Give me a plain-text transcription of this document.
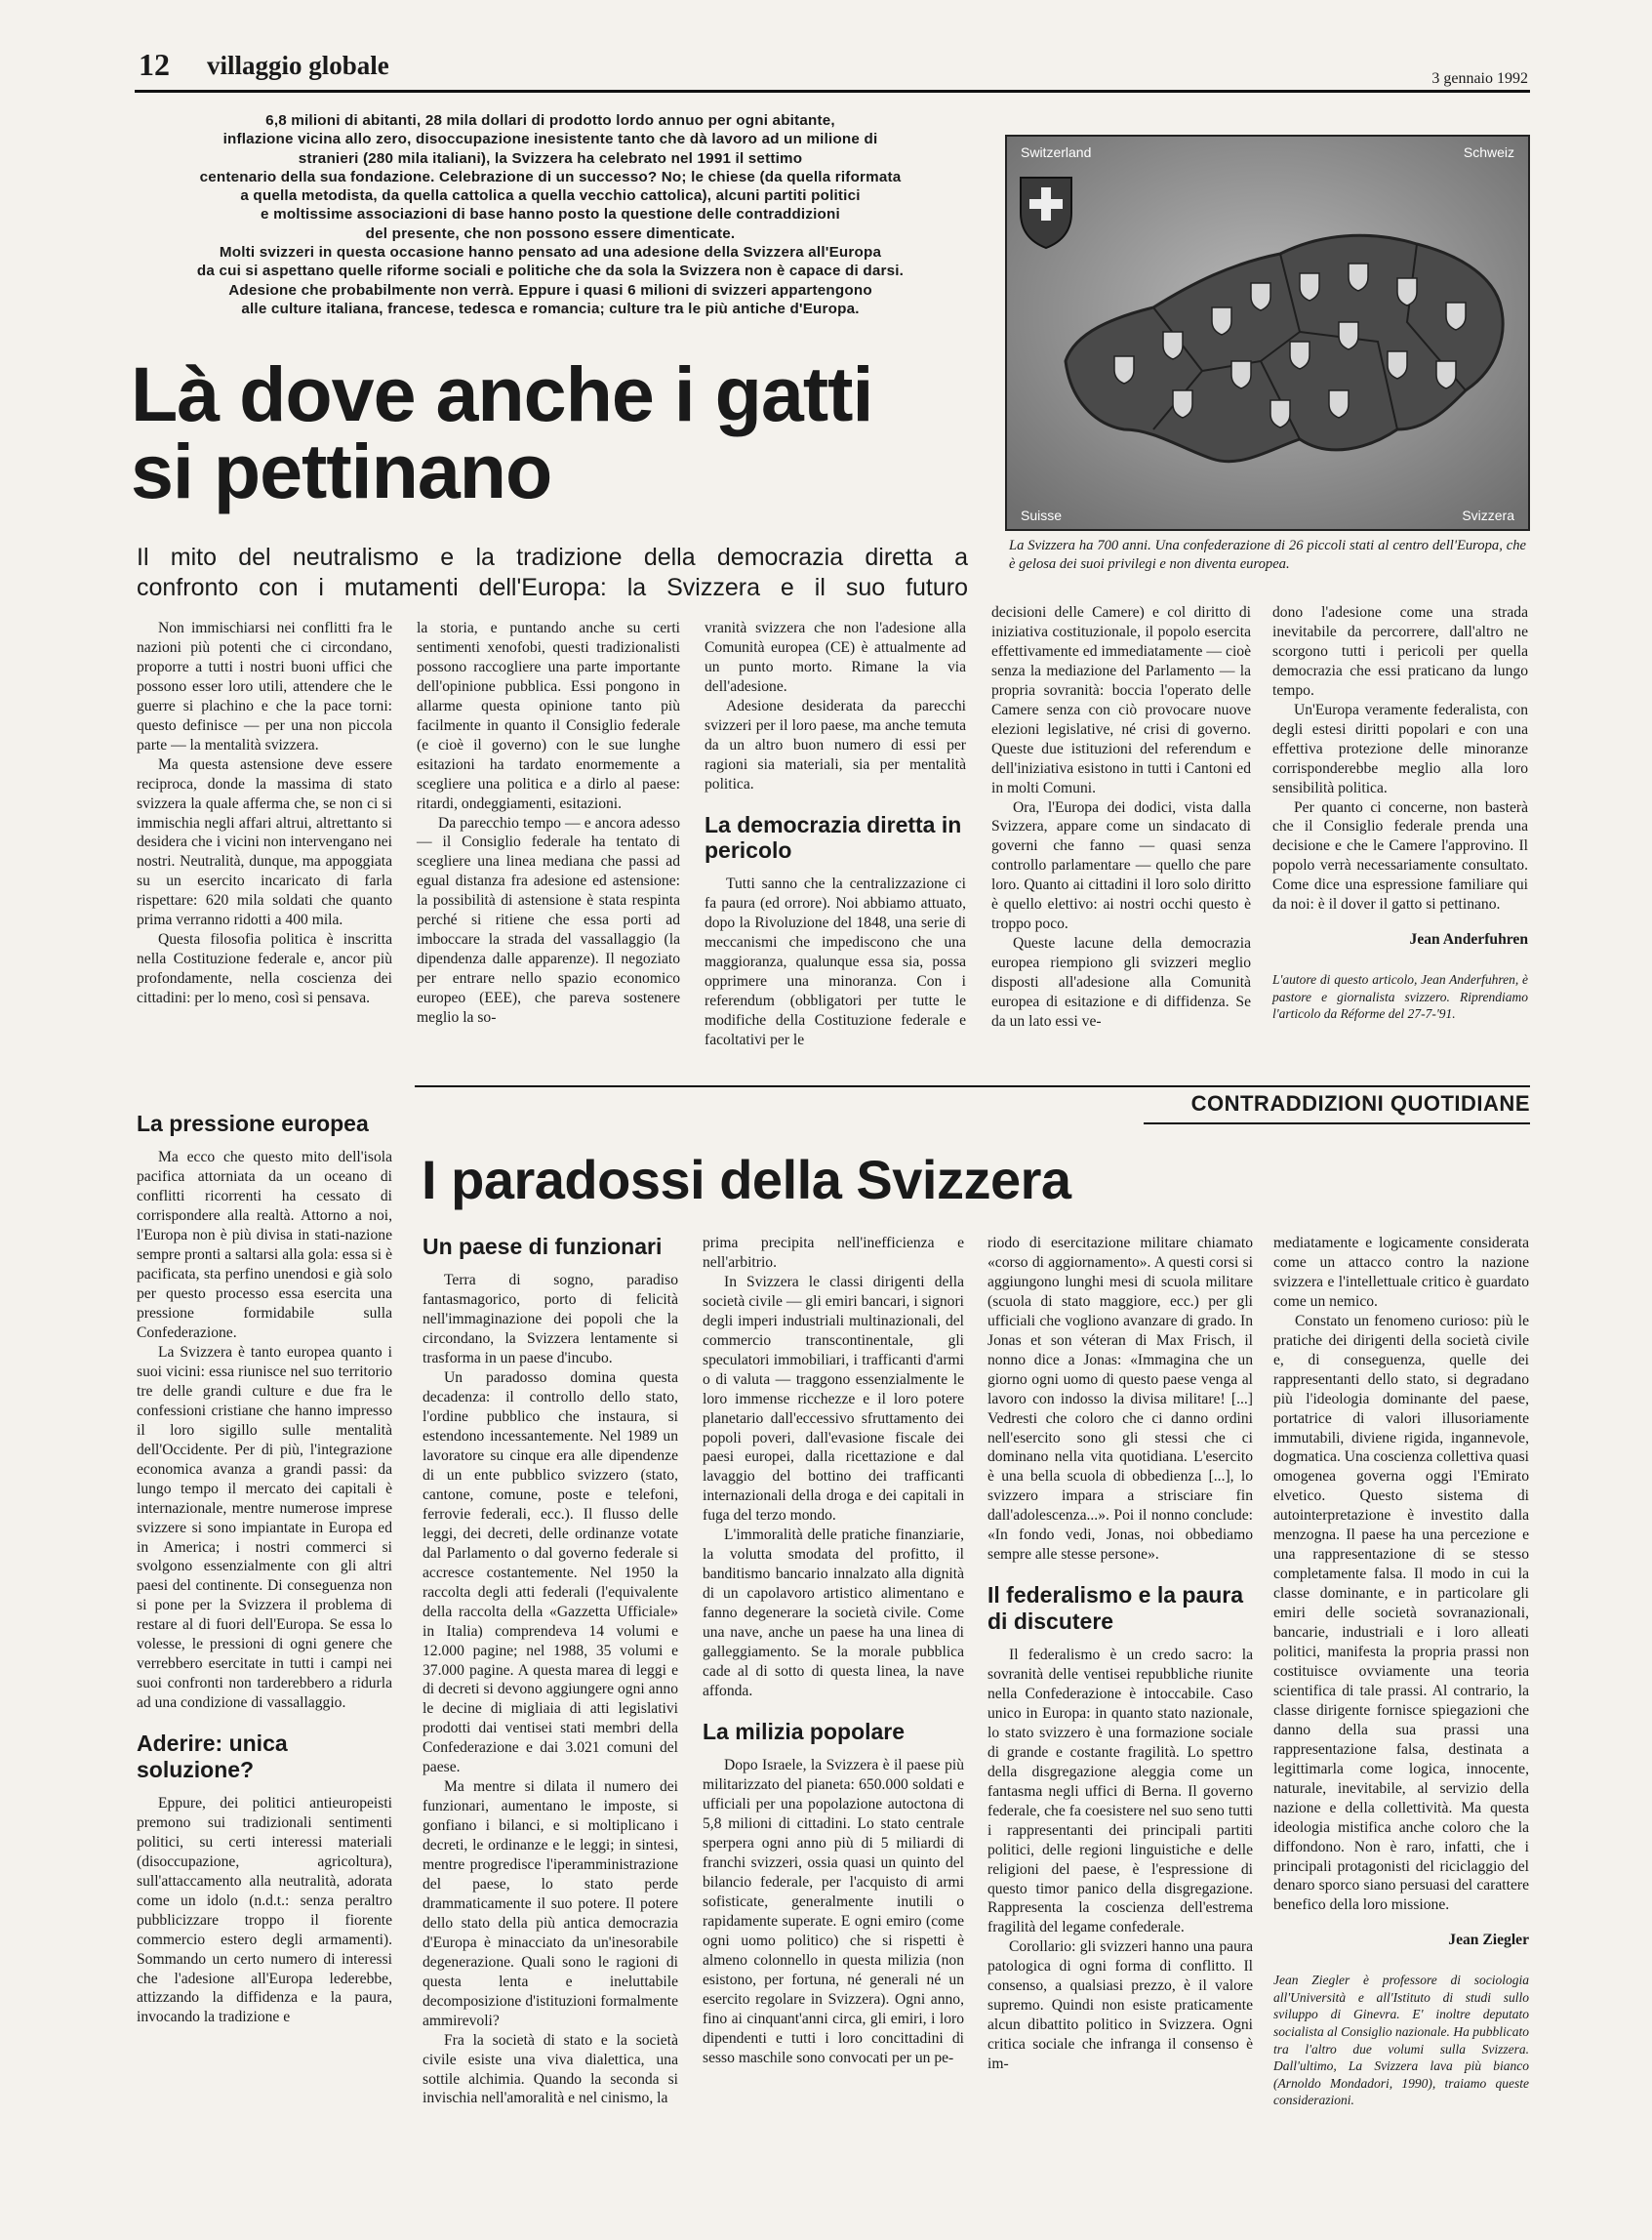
12 villaggio globale	3 gennaio 1992
6,8 milioni di abitanti, 28 mila dollari di prodotto lordo annuo per ogni abitante,
inflazione vicina allo zero, disoccupazione inesistente tanto che dà lavoro ad un milione di
stranieri (280 mila italiani), la Svizzera ha celebrato nel 1991 il settimo
centenario della sua fondazione. Celebrazione di un successo? No; le chiese (da quella riformata
a quella metodista, da quella cattolica a quella vecchio cattolica), alcuni partiti politici
e moltissime associazioni di base hanno posto la questione delle contraddizioni
del presente, che non possono essere dimenticate.
Molti svizzeri in questa occasione hanno pensato ad una adesione della Svizzera all'Europa
da cui si aspettano quelle riforme sociali e politiche che da sola la Svizzera non è capace di darsi.
Adesione che probabilmente non verrà. Eppure i quasi 6 milioni di svizzeri appartengono
alle culture italiana, francese, tedesca e romancia; culture tra le più antiche d'Europa.
Là dove anche i gatti
si pettinano
Il mito del neutralismo e la tradizione della democrazia diretta a
confronto con i mutamenti dell'Europa: la Svizzera e il suo futuro
Switzerland	Schweiz
Suisse	Svizzera
La Svizzera ha 700 anni. Una confederazione di 26 piccoli stati al centro dell'Europa, che è gelosa dei suoi privilegi e non diventa europea.

Non immischiarsi nei conflitti fra le nazioni più potenti che ci circondano, proporre a tutti i nostri buoni uffici che possono esser loro utili, attendere che le guerre si plachino e che la pace torni: questo definisce — per una non piccola parte — la mentalità svizzera.

Ma questa astensione deve essere reciproca, donde la massima di stato svizzera la quale afferma che, se non ci si immischia negli affari altrui, altrettanto si desidera che i vicini non intervengano nei nostri. Neutralità, dunque, ma appoggiata su un esercito incaricato di farla rispettare: 620 mila soldati che quanto prima verranno ridotti a 400 mila.

Questa filosofia politica è inscritta nella Costituzione federale e, ancor più profondamente, nella coscienza dei cittadini: per lo meno, così si pensava.

la storia, e puntando anche su certi sentimenti xenofobi, questi tradizionalisti possono raccogliere una parte importante dell'opinione pubblica. Essi pongono in allarme questa opinione tanto più facilmente in quanto il Consiglio federale (e cioè il governo) con le sue lunghe esitazioni ha tardato enormemente a scegliere una politica e a dirlo al paese: ritardi, ondeggiamenti, esitazioni.

Da parecchio tempo — e ancora adesso — il Consiglio federale ha tentato di scegliere una linea mediana che passi ad egual distanza fra adesione ed astensione: la possibilità di astensione è stata respinta perché si ritiene che essa porti ad imboccare la strada del vassallaggio (la dipendenza dalle apparenze). Il negoziato per entrare nello spazio economico europeo (EEE), che pareva sostenere meglio la so-

vranità svizzera che non l'adesione alla Comunità europea (CE) è attualmente ad un punto morto. Rimane la via dell'adesione.

Adesione desiderata da parecchi svizzeri per il loro paese, ma anche temuta da un altro buon numero di essi per ragioni sia materiali, sia per mentalità politica.

La democrazia diretta in pericolo

Tutti sanno che la centralizzazione ci fa paura (ed orrore). Noi abbiamo attuato, dopo la Rivoluzione del 1848, una serie di meccanismi che impediscono che una maggioranza, qualunque essa sia, possa opprimere una minoranza. Con i referendum (obbligatori per tutte le modifiche della Costituzione federale e facoltativi per le

decisioni delle Camere) e col diritto di iniziativa costituzionale, il popolo esercita effettivamente ed immediatamente — cioè senza la mediazione del Parlamento — la propria sovranità: boccia l'operato delle Camere senza con ciò provocare nuove elezioni legislative, né crisi di governo. Queste due istituzioni del referendum e dell'iniziativa esistono in tutti i Cantoni ed in molti Comuni.

Ora, l'Europa dei dodici, vista dalla Svizzera, appare come un sindacato di governi che fanno — quasi senza controllo parlamentare — quello che pare loro. Quanto ai cittadini il loro solo diritto è quello elettivo: ai nostri occhi questo è troppo poco.

Queste lacune della democrazia europea riempiono gli svizzeri meglio disposti all'adesione alla Comunità europea di esitazione e di diffidenza. Se da un lato essi ve-

dono l'adesione come una strada inevitabile da percorrere, dall'altro ne scorgono tutti i pericoli per quella democrazia che essi praticano da lungo tempo.

Un'Europa veramente federalista, con degli estesi diritti popolari e con una effettiva protezione delle minoranze corrisponderebbe meglio alla loro sensibilità politica.

Per quanto ci concerne, non basterà che il Consiglio federale prenda una decisione e che le Camere l'approvino. Il popolo verrà necessariamente consultato. Come dice una espressione familiare qui da noi: è il dover il gatto si pettinano.

Jean Anderfuhren
L'autore di questo articolo, Jean Anderfuhren, è pastore e giornalista svizzero. Riprendiamo l'articolo da Réforme del 27-7-'91.
La pressione europea

Ma ecco che questo mito dell'isola pacifica attorniata da un oceano di conflitti ricorrenti ha cessato di corrispondere alla realtà. Attorno a noi, l'Europa non è più divisa in stati-nazione sempre pronti a saltarsi alla gola: essa si è pacificata, sta perfino unendosi e già solo per questo processo essa esercita una pressione formidabile sulla Confederazione.

La Svizzera è tanto europea quanto i suoi vicini: essa riunisce nel suo territorio tre delle grandi culture e due fra le confessioni cristiane che hanno impresso il loro sigillo sulle mentalità dell'Occidente. Per di più, l'integrazione economica avanza a grandi passi: da lungo tempo il mercato dei capitali è internazionale, mentre numerose imprese svizzere si sono impiantate in Europa ed in America; i nostri commerci si svolgono essenzialmente con gli altri paesi del continente. Di conseguenza non si pone per la Svizzera il problema di restare al di fuori dell'Europa. Se essa lo volesse, le pressioni di ogni genere che verrebbero esercitate in tutti i campi nei suoi confronti non tarderebbero a ridurla ad una condizione di vassallaggio.

Aderire: unica soluzione?

Eppure, dei politici antieuropeisti premono sui tradizionali sentimenti politici, su certi interessi materiali (disoccupazione, agricoltura), sull'attaccamento alla neutralità, adorata come un idolo (n.d.t.: senza peraltro pubblicizzare troppo il fiorente commercio estero degli armamenti). Sommando un certo numero di interessi che l'adesione all'Europa lederebbe, attizzando la diffidenza e la paura, invocando la tradizione e

CONTRADDIZIONI QUOTIDIANE
I paradossi della Svizzera
Un paese di funzionari

Terra di sogno, paradiso fantasmagorico, porto di felicità nell'immaginazione dei popoli che la circondano, la Svizzera lentamente si trasforma in un paese d'incubo.

Un paradosso domina questa decadenza: il controllo dello stato, l'ordine pubblico che instaura, si estendono incessantemente. Nel 1989 un lavoratore su cinque era alle dipendenze di un ente pubblico svizzero (stato, cantone, comune, poste e telefoni, ferrovie federali, ecc.). Il flusso delle leggi, dei decreti, delle ordinanze votate dal Parlamento o dal governo federale si accresce costantemente. Nel 1950 la raccolta degli atti federali (l'equivalente della raccolta della «Gazzetta Ufficiale» in Italia) comprendeva 14 volumi e 12.000 pagine; nel 1988, 35 volumi e 37.000 pagine. A questa marea di leggi e di decreti si devono aggiungere ogni anno le decine di migliaia di atti legislativi prodotti dai ventisei stati membri della Confederazione e dai 3.021 comuni del paese.

Ma mentre si dilata il numero dei funzionari, aumentano le imposte, si gonfiano i bilanci, e si moltiplicano i decreti, le ordinanze e le leggi; in sintesi, mentre progredisce l'iperamministrazione del paese, lo stato perde drammaticamente il suo potere. Il potere dello stato della più antica democrazia d'Europa è minacciato da un'inesorabile degenerazione. Quali sono le ragioni di questa lenta e ineluttabile decomposizione d'istituzioni formalmente ammirevoli?

Fra la società di stato e la società civile esiste una viva dialettica, una sottile alchimia. Quando la seconda si invischia nell'amoralità e nel cinismo, la

prima precipita nell'inefficienza e nell'arbitrio.

In Svizzera le classi dirigenti della società civile — gli emiri bancari, i signori degli imperi industriali multinazionali, del commercio transcontinentale, gli speculatori immobiliari, i trafficanti d'armi o di valuta — traggono essenzialmente le loro immense ricchezze e il loro potere planetario dall'eccessivo sfruttamento dei popoli poveri, dall'evasione fiscale dei paesi europei, dalla ricettazione e dal lavaggio del bottino dei trafficanti internazionali della droga e dei capitali in fuga del terzo mondo.

L'immoralità delle pratiche finanziarie, la volutta smodata del profitto, il banditismo bancario innalzato alla dignità di un capolavoro artistico alimentano e fanno degenerare la società civile. Come una nave, anche un paese ha una linea di galleggiamento. Se la morale pubblica cade al di sotto di questa linea, la nave affonda.

La milizia popolare

Dopo Israele, la Svizzera è il paese più militarizzato del pianeta: 650.000 soldati e ufficiali per una popolazione autoctona di 5,8 milioni di cittadini. Lo stato centrale sperpera ogni anno più di 5 miliardi di franchi svizzeri, ossia quasi un quinto del bilancio federale, per l'acquisto di armi sofisticate, generalmente inutili o rapidamente superate. E ogni emiro (come ogni uomo politico) che si rispetti è almeno colonnello in questa milizia (non esistono, per fortuna, né generali né un esercito regolare in Svizzera). Ogni anno, fino ai cinquant'anni circa, gli emiri, i loro dipendenti e tutti i loro concittadini di sesso maschile sono convocati per un pe-

riodo di esercitazione militare chiamato «corso di aggiornamento». A questi corsi si aggiungono lunghi mesi di scuola militare (scuola di stato maggiore, ecc.) per gli ufficiali che vogliono avanzare di grado. In Jonas et son véteran di Max Frisch, il nonno dice a Jonas: «Immagina che un giorno ogni uomo di questo paese venga al lavoro con indosso la divisa militare! [...] Vedresti che coloro che ci danno ordini nell'esercito sono gli stessi che ci dominano nella vita quotidiana. L'esercito è una bella scuola di obbedienza [...], lo svizzero impara a strisciare fin dall'adolescenza...». Poi il nonno conclude: «In fondo vedi, Jonas, noi obbediamo sempre alle stesse persone».

Il federalismo e la paura di discutere

Il federalismo è un credo sacro: la sovranità delle ventisei repubbliche riunite nella Confederazione è intoccabile. Caso unico in Europa: in quanto stato nazionale, lo stato svizzero è una formazione sociale di grande e costante fragilità. Lo spettro della disgregazione aleggia come un fantasma negli uffici di Berna. Il governo federale, che fa coesistere nel suo seno tutti i rappresentanti dei principali partiti politici, delle regioni linguistiche e delle religioni del paese, è l'espressione di questo timor panico della disgregazione. Rappresenta la coscienza dell'estrema fragilità del legame confederale.

Corollario: gli svizzeri hanno una paura patologica di ogni forma di conflitto. Il consenso, a qualsiasi prezzo, è il valore supremo. Quindi non esiste praticamente alcun dibattito politico in Svizzera. Ogni critica sociale che infranga il consenso è im-

mediatamente e logicamente considerata come un attacco contro la nazione svizzera e l'intellettuale critico è guardato come un nemico.

Constato un fenomeno curioso: più le pratiche dei dirigenti della società civile e, di conseguenza, quelle dei rappresentanti dello stato, si degradano più l'ideologia dominante del paese, portatrice di valori illusoriamente immutabili, diviene rigida, ingannevole, dogmatica. Una coscienza collettiva quasi omogenea governa oggi l'Emirato elvetico. Questo sistema di autointerpretazione è investito dalla menzogna. Il paese ha una percezione e una rappresentazione di se stesso completamente falsa. Il modo in cui la classe dominante, e in particolare gli emiri delle società sovranazionali, bancarie, industriali e i loro alleati politici, manifesta la propria prassi non costituisce ovviamente una teoria scientifica di tale prassi. Al contrario, la classe dirigente fornisce spiegazioni che danno della sua prassi una rappresentazione falsa, destinata a legittimarla come logica, innocente, naturale, inevitabile, al servizio della nazione e della collettività. Ma questa ideologia mistifica anche coloro che la diffondono. Non è raro, infatti, che i principali protagonisti del riciclaggio del denaro sporco siano persuasi del carattere benefico della loro missione.

Jean Ziegler
Jean Ziegler è professore di sociologia all'Università e all'Istituto di studi sullo sviluppo di Ginevra. E' inoltre deputato socialista al Consiglio nazionale. Ha pubblicato tra l'altro due volumi sulla Svizzera. Dall'ultimo, La Svizzera lava più bianco (Arnoldo Mondadori, 1990), traiamo queste considerazioni.
